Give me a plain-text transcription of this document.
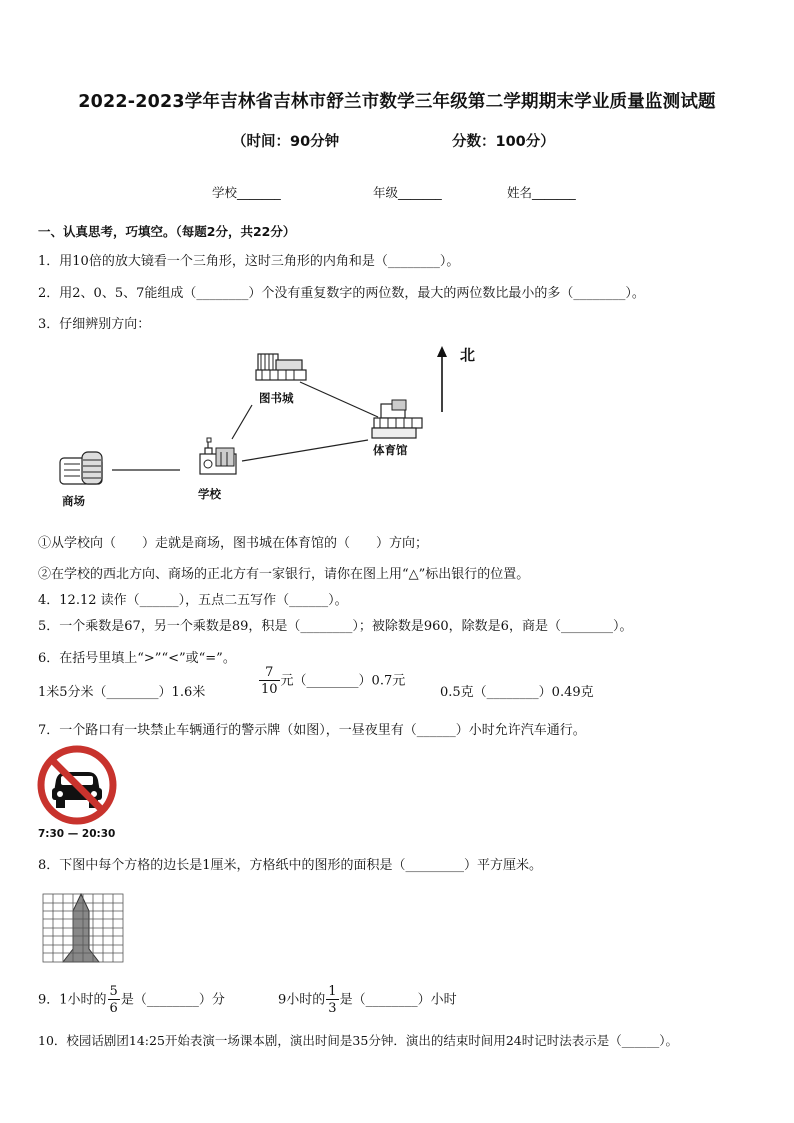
2022-2023学年吉林省吉林市舒兰市数学三年级第二学期期末学业质量监测试题
（时间：90分钟	分数：100分）
学校_______	年级_______	姓名_______
一、认真思考，巧填空。（每题2分，共22分）
1．用10倍的放大镜看一个三角形，这时三角形的内角和是（________）。
2．用2、0、5、7能组成（________）个没有重复数字的两位数，最大的两位数比最小的多（________）。
3．仔细辨别方向：
北
图书城
体育馆
学校
商场
①从学校向（　　）走就是商场，图书城在体育馆的（　　）方向；
②在学校的西北方向、商场的正北方有一家银行，请你在图上用“△”标出银行的位置。
4．12.12 读作（______），五点二五写作（______）。
5．一个乘数是67，另一个乘数是89，积是（________）；被除数是960，除数是6，商是（________）。
6．在括号里填上“>”“<”或“=”。
1米5分米（________）1.6米	$\frac{7}{10}$ 元（________）0.7元
0.5克（________）0.49克
7．一个路口有一块禁止车辆通行的警示牌（如图），一昼夜里有（______）小时允许汽车通行。
7:30 — 20:30
8．下图中每个方格的边长是1厘米，方格纸中的图形的面积是（_________）平方厘米。
9．1小时的 $\frac{5}{6}$ 是（________）分	9小时的 $\frac{1}{3}$ 是（________）小时
10．校园话剧团14:25开始表演一场课本剧，演出时间是35分钟．演出的结束时间用24时记时法表示是（______）。
